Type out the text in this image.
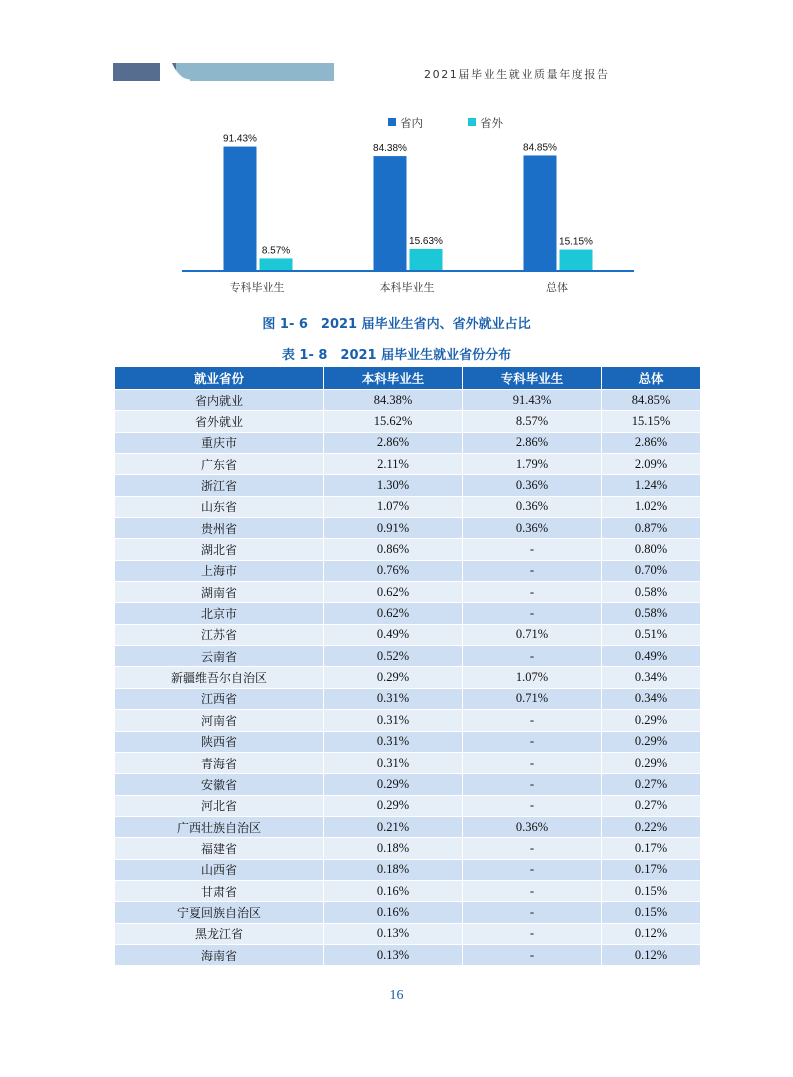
2021届毕业生就业质量年度报告
省内	省外
91.43%
8.57%
84.38%
15.63%
84.85%
15.15%
专科毕业生	本科毕业生	总体
图 1- 6　2021 届毕业生省内、省外就业占比
表 1- 8　2021 届毕业生就业省份分布
就业省份	本科毕业生	专科毕业生	总体
省内就业	84.38%	91.43%	84.85%
省外就业	15.62%	8.57%	15.15%
重庆市	2.86%	2.86%	2.86%
广东省	2.11%	1.79%	2.09%
浙江省	1.30%	0.36%	1.24%
山东省	1.07%	0.36%	1.02%
贵州省	0.91%	0.36%	0.87%
湖北省	0.86%	-	0.80%
上海市	0.76%	-	0.70%
湖南省	0.62%	-	0.58%
北京市	0.62%	-	0.58%
江苏省	0.49%	0.71%	0.51%
云南省	0.52%	-	0.49%
新疆维吾尔自治区	0.29%	1.07%	0.34%
江西省	0.31%	0.71%	0.34%
河南省	0.31%	-	0.29%
陕西省	0.31%	-	0.29%
青海省	0.31%	-	0.29%
安徽省	0.29%	-	0.27%
河北省	0.29%	-	0.27%
广西壮族自治区	0.21%	0.36%	0.22%
福建省	0.18%	-	0.17%
山西省	0.18%	-	0.17%
甘肃省	0.16%	-	0.15%
宁夏回族自治区	0.16%	-	0.15%
黑龙江省	0.13%	-	0.12%
海南省	0.13%	-	0.12%
16
